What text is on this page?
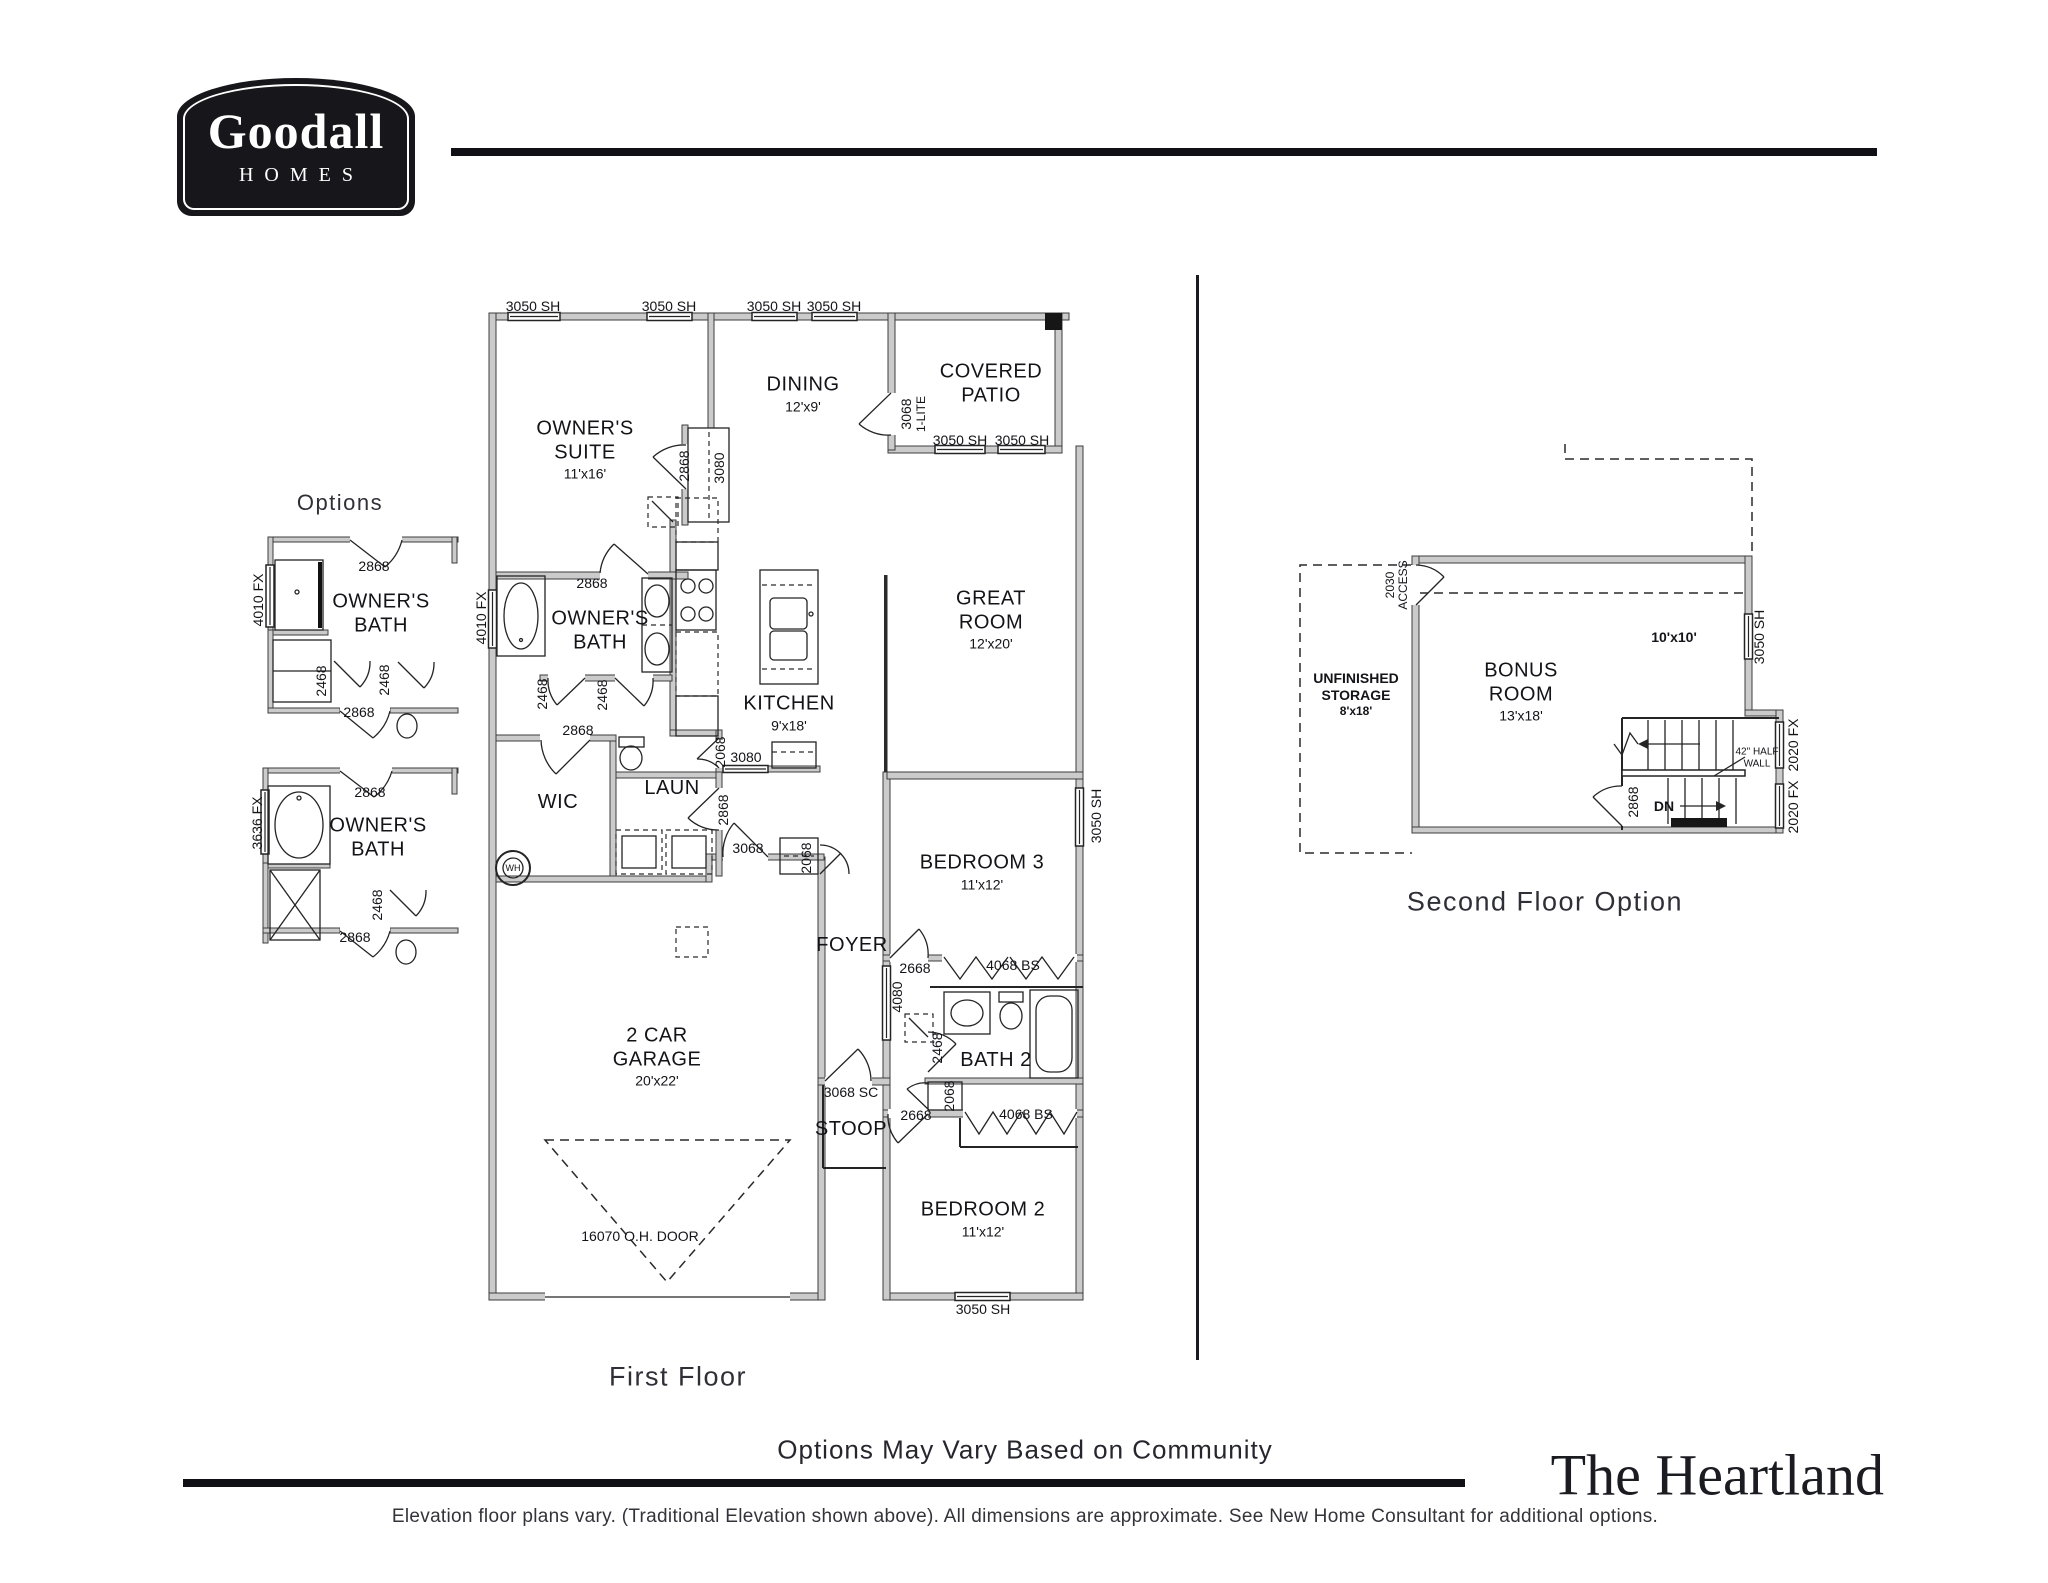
Goodall
HOMES
Options
First Floor
Second Floor Option
Options May Vary Based on Community	The Heartland
Elevation floor plans vary. (Traditional Elevation shown above). All dimensions are approximate. See New Home Consultant for additional options.
OWNER'S
SUITE
11'x16'
DINING
12'x9'
COVERED
PATIO
GREAT
ROOM
12'x20'
KITCHEN
9'x18'
OWNER'S
BATH
WIC
LAUN
FOYER
STOOP
BEDROOM 3
11'x12'
BATH 2
BEDROOM 2
11'x12'
2 CAR
GARAGE
20'x22'
OWNER'S
BATH
OWNER'S
BATH
UNFINISHED
STORAGE
8'x18'
BONUS
ROOM
13'x18'
3050 SH	3050 SH	3050 SH 3050 SH
3050 SH 3050 SH
3068 1-LITE
2868 3080
2868
4010 FX
2468	2468
2868
3050 SH
2068 3080
2868
3068 2068
2668	4068 BS
4080
2468
2068
3068 SC
2668	4068 BS
3050 SH
16070 O.H. DOOR
WH
2868
4010 FX
2468	2468
2868
2868
3636 FX
2468
2868
2030 ACCESS
3050 SH
10'x10'
42" HALF
WALL 2020 FX
2020 FX
2868 DN
